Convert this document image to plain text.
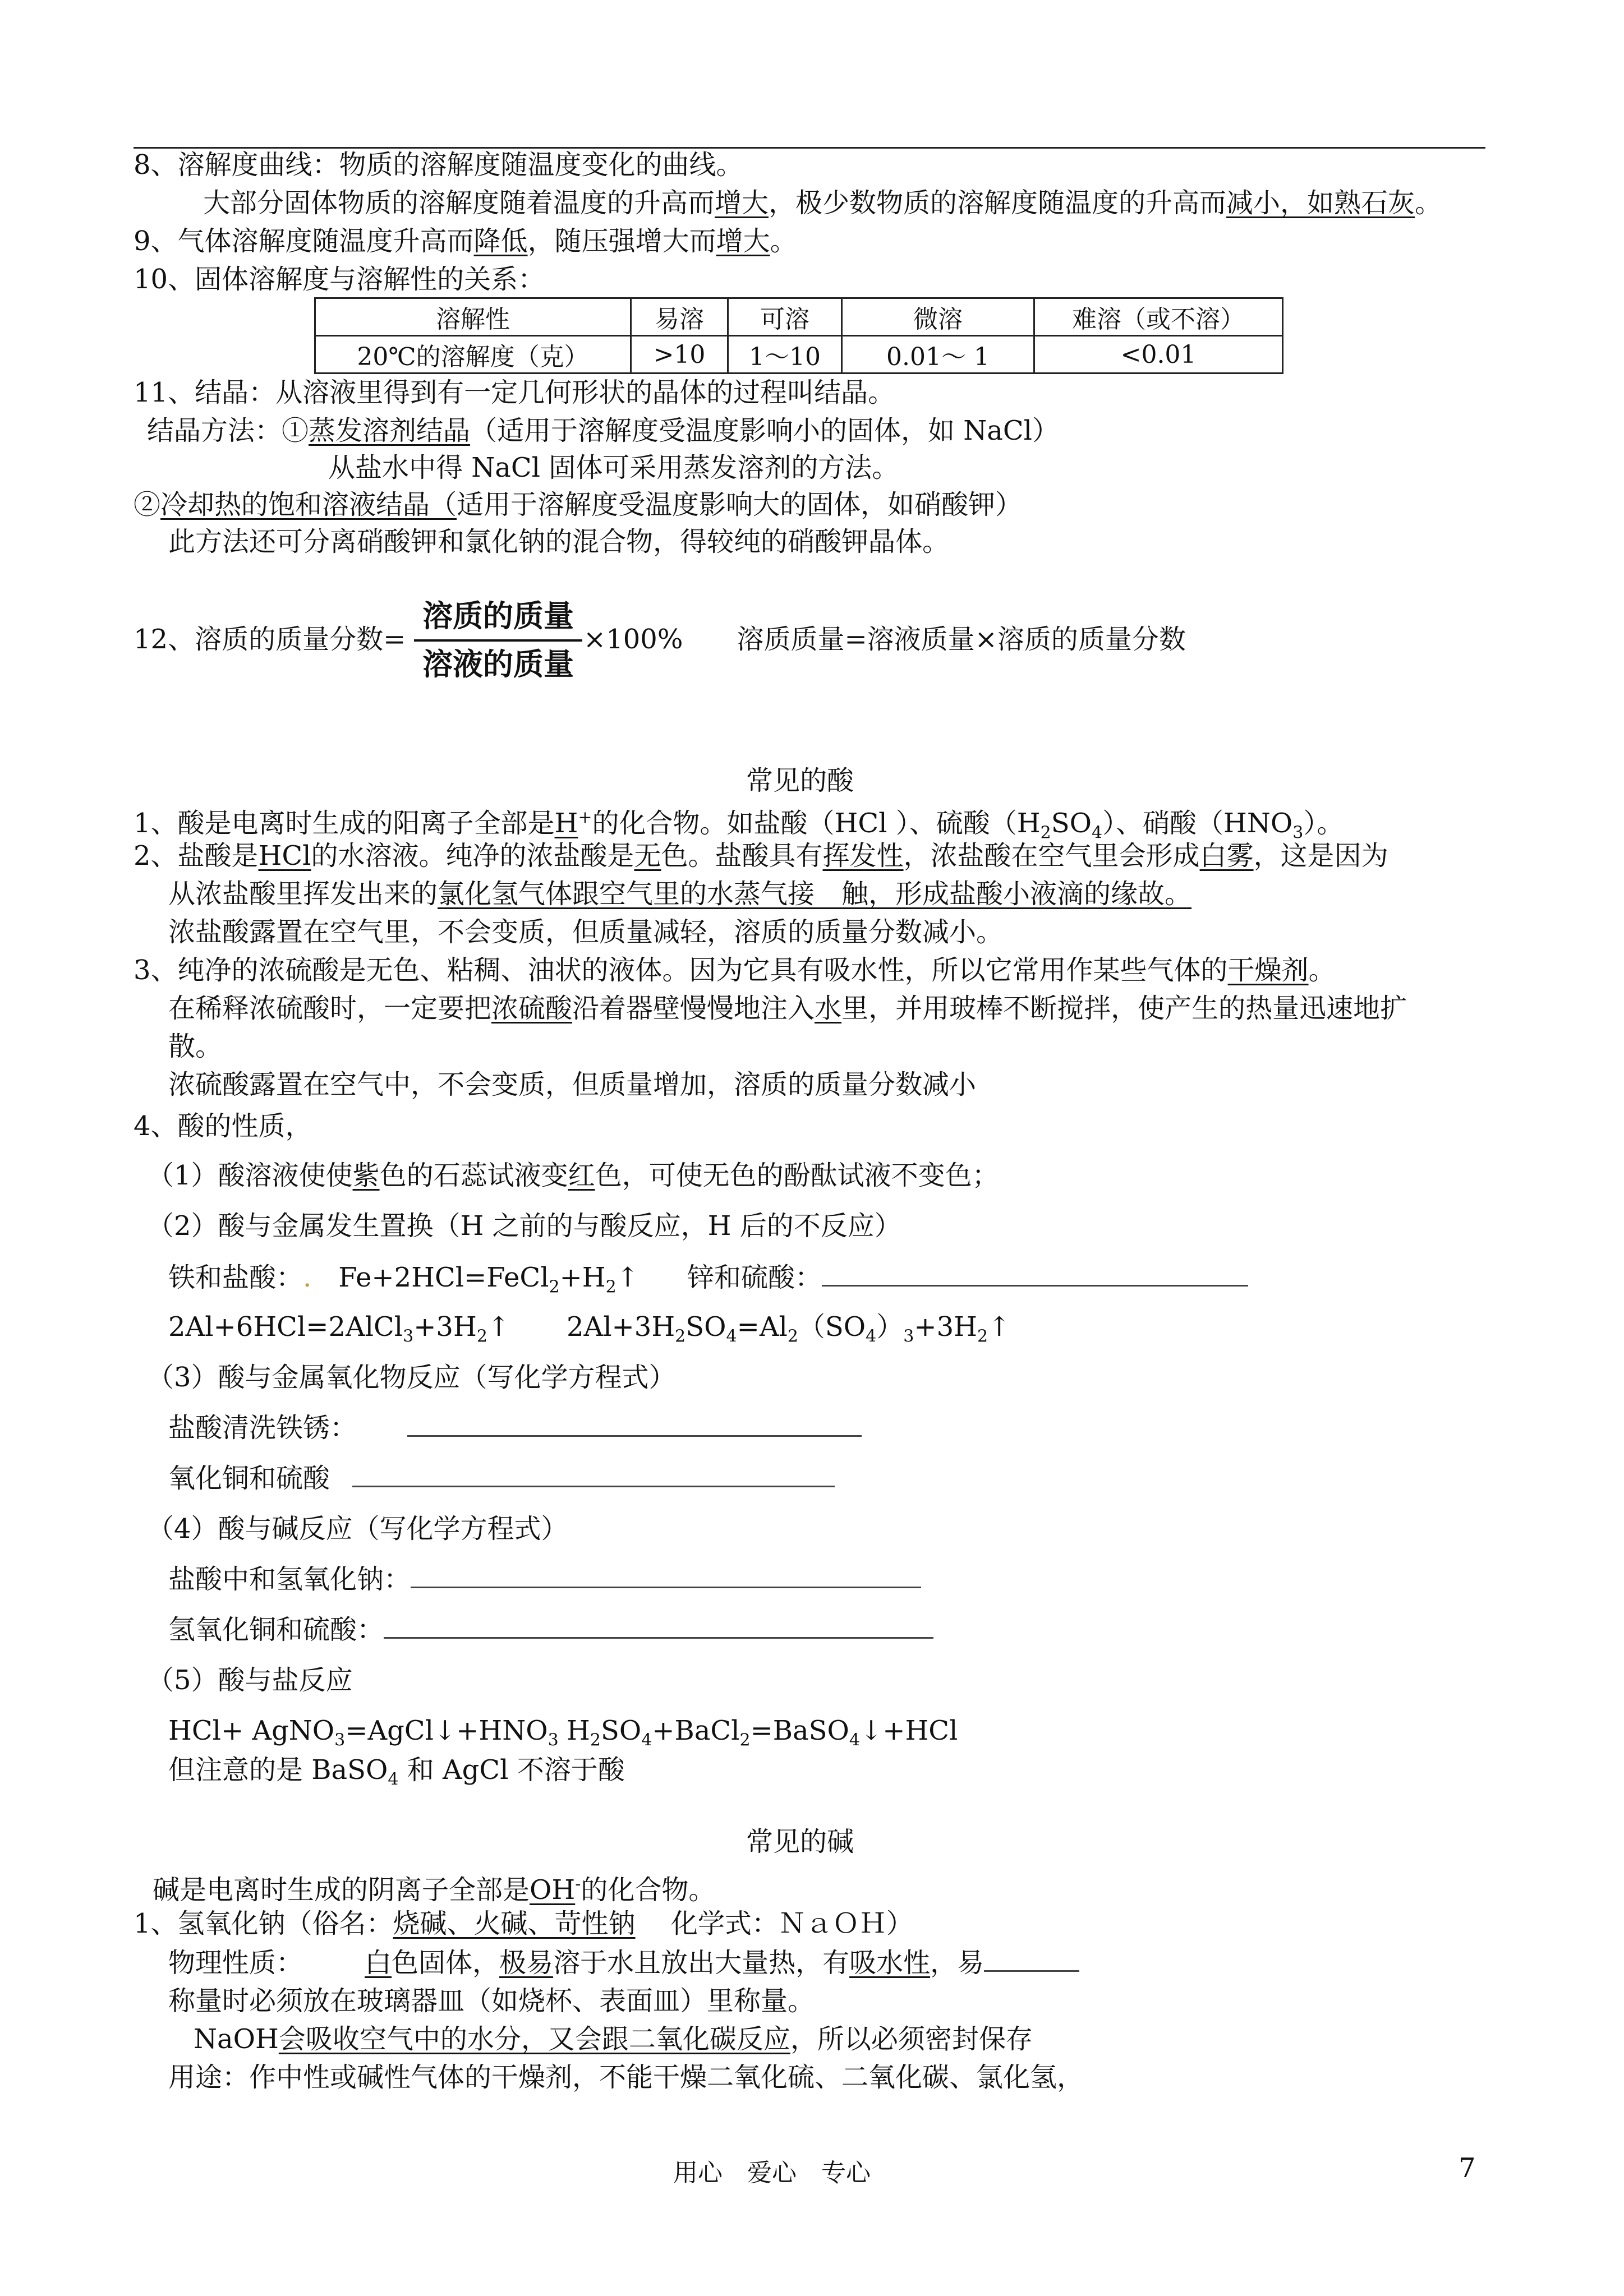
8、溶解度曲线：物质的溶解度随温度变化的曲线。
大部分固体物质的溶解度随着温度的升高而增大，极少数物质的溶解度随温度的升高而减小，如熟石灰。
9、气体溶解度随温度升高而降低，随压强增大而增大。
10、固体溶解度与溶解性的关系：
溶解性	易溶	可溶	微溶	难溶（或不溶）
20℃的溶解度（克）	>10	1～10	0.01～ 1	<0.01
11、结晶：从溶液里得到有一定几何形状的晶体的过程叫结晶。
结晶方法：①蒸发溶剂结晶（适用于溶解度受温度影响小的固体，如 NaCl）
从盐水中得 NaCl 固体可采用蒸发溶剂的方法。
②冷却热的饱和溶液结晶（适用于溶解度受温度影响大的固体，如硝酸钾）
此方法还可分离硝酸钾和氯化钠的混合物，得较纯的硝酸钾晶体。
12、溶质的质量分数=
溶质的质量
溶液的质量
×100%　　溶质质量=溶液质量×溶质的质量分数
常见的酸
1、酸是电离时生成的阳离子全部是H+的化合物。如盐酸（HCl ）、硫酸$(H_2SO_4)$、硝酸$(HNO_3)$。
2、盐酸是HCl的水溶液。纯净的浓盐酸是无色。盐酸具有挥发性，浓盐酸在空气里会形成白雾，这是因为
从浓盐酸里挥发出来的氯化氢气体跟空气里的水蒸气接　触，形成盐酸小液滴的缘故。
浓盐酸露置在空气里，不会变质，但质量减轻，溶质的质量分数减小。
3、纯净的浓硫酸是无色、粘稠、油状的液体。因为它具有吸水性，所以它常用作某些气体的干燥剂。
在稀释浓硫酸时，一定要把浓硫酸沿着器壁慢慢地注入水里，并用玻棒不断搅拌，使产生的热量迅速地扩
散。
浓硫酸露置在空气中，不会变质，但质量增加，溶质的质量分数减小
4、酸的性质，
（1）酸溶液使使紫色的石蕊试液变红色，可使无色的酚酞试液不变色；
（2）酸与金属发生置换（H 之前的与酸反应，H 后的不反应）
铁和盐酸：.　 $Fe+2HCl=FeCl_2+H_2↑$ 锌和硫酸：
$2Al+6HCl=2AlCl_3+3H_2↑$ $2Al+3H_2SO_4=Al_2(SO_4)_3+3H_2↑$
（3）酸与金属氧化物反应（写化学方程式）
盐酸清洗铁锈：
氧化铜和硫酸
（4）酸与碱反应（写化学方程式）
盐酸中和氢氧化钠：
氢氧化铜和硫酸：
（5）酸与盐反应
$HCl+ AgNO_3=AgCl↓+HNO_3$ $H_2SO_4+BaCl_2=BaSO_4↓+HCl$
但注意的是 BaSO$_4$ 和 AgCl 不溶于酸
常见的碱
碱是电离时生成的阴离子全部是OH-的化合物。
1、氢氧化钠（俗名：烧碱、火碱、苛性钠　 化学式：ＮａＯＨ）
物理性质： 白色固体，极易溶于水且放出大量热，有吸水性，易
称量时必须放在玻璃器皿（如烧杯、表面皿）里称量。
NaOH会吸收空气中的水分，又会跟二氧化碳反应，所以必须密封保存
用途：作中性或碱性气体的干燥剂，不能干燥二氧化硫、二氧化碳、氯化氢，
用心　爱心　专心	7
